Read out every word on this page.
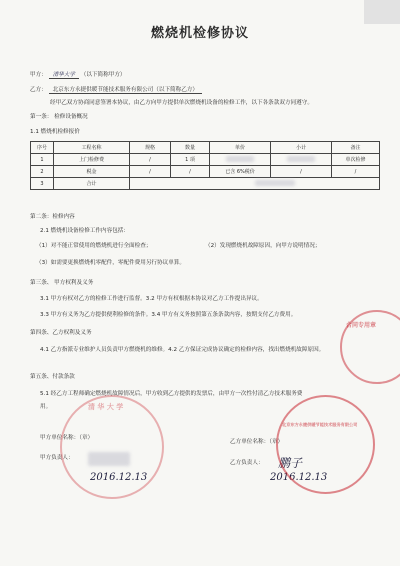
燃烧机检修协议
甲方： 清华大学 （以下简称甲方）
乙方： 北京东方永捷供暖节能技术服务有限公司（以下简称乙方）
经甲乙双方协商同意签署本协议，由乙方向甲方提供单次燃烧机设备的检修工作，以下各条款双方同遵守。
第一条： 检修设备概况
1.1 燃烧机检修报价
序号	工程名称	规格	数量	单价	小计	备注
1	上门检修费	/	1 项			单次检修
2	税金	/	/	已含 6%税价	/	/
3	合计					
第二条：检修内容
2.1 燃烧机设备检修工作内容包括：
（1）对不能正常使用的燃烧机进行全面检查；	（2）发现燃烧机故障原因，向甲方说明情况；
（3）如需要更换燃烧机零配件，零配件费用另行协议单算。
第三条、 甲方权利及义务
3.1 甲方有权对乙方的检修工作进行监督。3.2 甲方有权根据本协议对乙方工作提出异议。
3.3 甲方有义务为乙方提供便利检修的条件。3.4 甲方有义务按照第五条条款内容，按期支付乙方费用。
第四条、乙方权利及义务
4.1 乙方指派专业维护人员负责甲方燃烧机的维修。4.2 乙方保证完成协议确定的检修内容，找出燃烧机故障原因。
第五条、付款条款
5.1 经乙方工程师确定燃烧机故障情况后，甲方收到乙方提供的发票后，由甲方一次性付清乙方技术服务费
用。
甲方单位名称：（章）
甲方负责人：
2016.12.13
乙方单位名称：（章）
乙方负责人： 鹏子
2016.12.13
清 华 大 学
北京东方永捷供暖节能技术服务有限公司
合同专用章
